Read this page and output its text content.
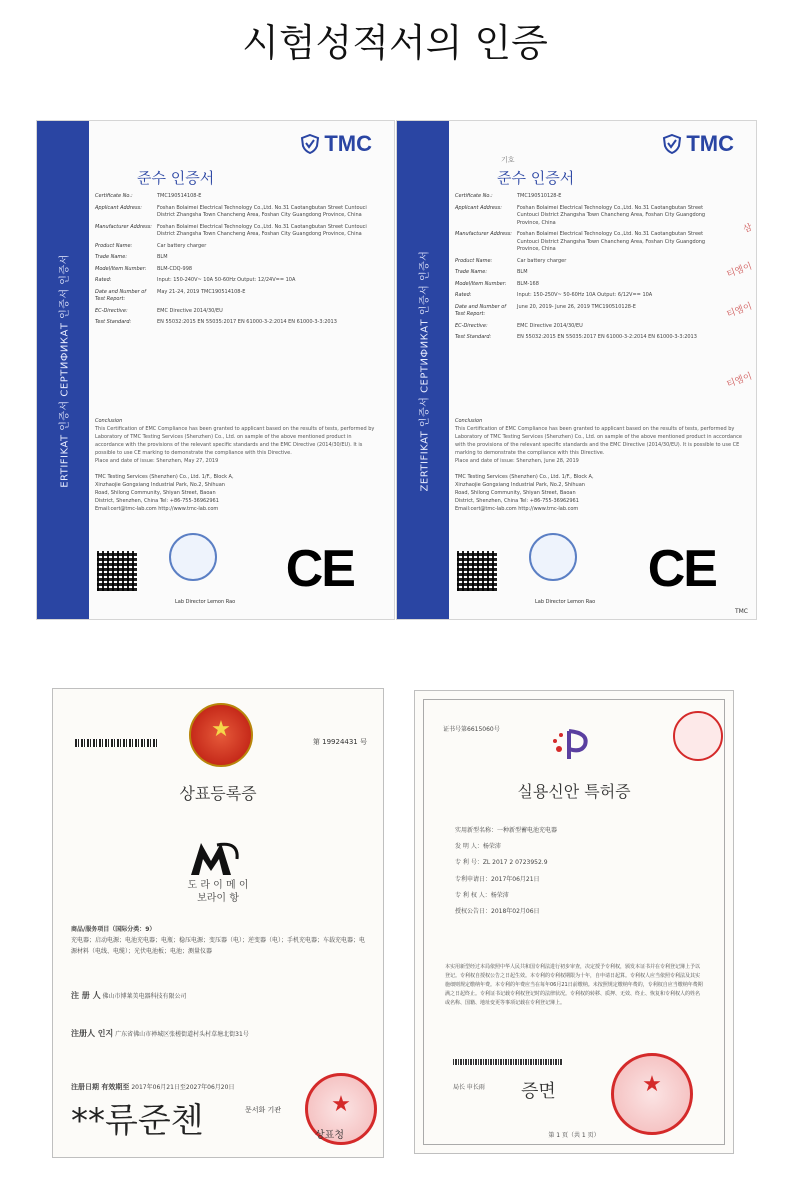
시험성적서의 인증
ERTIFIKAT 인증서 СЕРТИФИКАТ 인증서 인증서
TMC
준수 인증서
Certificate No.:	TMC190514108-E
Applicant Address:	Foshan Bolaimei Electrical Technology Co.,Ltd. No.31 Caotangbutan Street Cuntouci District Zhangsha Town Chancheng Area, Foshan City Guangdong Province, China
Manufacturer Address:	Foshan Bolaimei Electrical Technology Co.,Ltd. No.31 Caotangbutan Street Cuntouci District Zhangsha Town Chancheng Area, Foshan City Guangdong Province, China
Product Name:	Car battery charger
Trade Name:	BLM
Model/Item Number:	BLM-CDQ-998
Rated:	Input: 150-240V~ 10A 50-60Hz Output: 12/24V== 10A
Date and Number of Test Report:
May 21-24, 2019 TMC190514108-E
EC-Directive:	EMC Directive 2014/30/EU
Test Standard:	EN 55032:2015 EN 55035:2017 EN 61000-3-2:2014 EN 61000-3-3:2013
Conclusion
This Certification of EMC Compliance has been granted to applicant based on the results of tests, performed by Laboratory of TMC Testing Services (Shenzhen) Co., Ltd. on sample of the above mentioned product in accordance with the provisions of the relevant specific standards and the EMC Directive (2014/30/EU). It is possible to use CE marking to demonstrate the compliance with this Directive.
Place and date of issue: Shenzhen, May 27, 2019
TMC Testing Services (Shenzhen) Co., Ltd. 1/F., Block A, Xinzhaojie Gongxiang Industrial Park, No.2, Shihuan Road, Shilong Community, Shiyan Street, Baoan District, Shenzhen, China Tel: +86-755-36962961 Email:cert@tmc-lab.com http://www.tmc-lab.com
Lab Director Lemon Rao
CE
ZERTIFIKAT 인증서 СЕРТИФИКАТ 인증서 인증서
TMC
기호
준수 인증서
삼
티엠이
티엠이
티엠이
Certificate No.:	TMC190510128-E
Applicant Address:	Foshan Bolaimei Electrical Technology Co.,Ltd. No.31 Caotangbutan Street Cuntouci District Zhangsha Town Chancheng Area, Foshan City Guangdong Province, China
Manufacturer Address:	Foshan Bolaimei Electrical Technology Co.,Ltd. No.31 Caotangbutan Street Cuntouci District Zhangsha Town Chancheng Area, Foshan City Guangdong Province, China
Product Name:	Car battery charger
Trade Name:	BLM
Model/Item Number:	BLM-168
Rated:	Input: 150-250V~ 50-60Hz 10A Output: 6/12V== 10A
Date and Number of Test Report:
June 20, 2019- June 26, 2019 TMC190510128-E
EC-Directive:	EMC Directive 2014/30/EU
Test Standard:	EN 55032:2015 EN 55035:2017 EN 61000-3-2:2014 EN 61000-3-3:2013
Conclusion
This Certification of EMC Compliance has been granted to applicant based on the results of tests, performed by Laboratory of TMC Testing Services (Shenzhen) Co., Ltd. on sample of the above mentioned product in accordance with the provisions of the relevant specific standards and the EMC Directive (2014/30/EU). It is possible to use CE marking to demonstrate the compliance with this Directive.
Place and date of issue: Shenzhen, June 28, 2019
TMC Testing Services (Shenzhen) Co., Ltd. 1/F., Block A, Xinzhaojie Gongxiang Industrial Park, No.2, Shihuan Road, Shilong Community, Shiyan Street, Baoan District, Shenzhen, China Tel: +86-755-36962961 Email:cert@tmc-lab.com http://www.tmc-lab.com
Lab Director Lemon Rao
CE
TMC
★	第 19924431 号
상표등록증
도 라 이 메 이
보라이 항
商品/服务项目（国际分类：9）
充电器；启动电源；电池充电器；电瓶；稳压电源；变压器（电）；逆变器（电）；手机充电器；车载充电器；电源材料（电线、电缆）；光伏电池板；电池；测量仪器
注 册 人 佛山市博莱美电器科技有限公司
注册人 인지 广东省佛山市禅城区张槎街道村头村草塘北街31号
注册日期 有效期至 2017年06月21日至2027年06月20日
**류준첸	문서화 기관	★
상표청
证书号第6615060号
실용신안 특허증
实用新型名称：一种新型蓄电池充电器
发 明 人：杨荣沛
专 利 号：ZL 2017 2 0723952.9
专利申请日：2017年06月21日
专 利 权 人：杨荣沛
授权公告日：2018年02月06日
本实用新型经过本局依照中华人民共和国专利法进行初步审查，决定授予专利权，颁发本证书并在专利登记簿上予以登记。专利权自授权公告之日起生效。本专利的专利权期限为十年，自申请日起算。专利权人应当依照专利法及其实施细则规定缴纳年费。本专利的年费应当在每年06月21日前缴纳。未按照规定缴纳年费的，专利权自应当缴纳年费期满之日起终止。专利证书记载专利权登记时的法律状况。专利权的转移、质押、无效、终止、恢复和专利权人的姓名或名称、国籍、地址变更等事项记载在专利登记簿上。
局长 申长雨 증면	★
第 1 页（共 1 页）
